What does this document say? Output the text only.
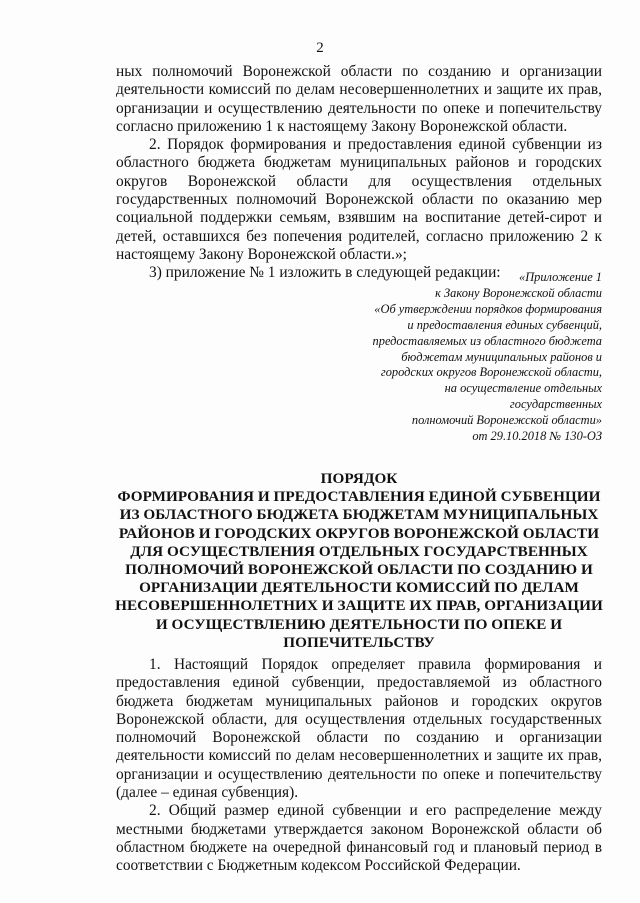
2

ных полномочий Воронежской области по созданию и организации деятельности комиссий по делам несовершеннолетних и защите их прав, организации и осуществлению деятельности по опеке и попечительству согласно приложению 1 к настоящему Закону Воронежской области.

2. Порядок формирования и предоставления единой субвенции из областного бюджета бюджетам муниципальных районов и городских округов Воронежской области для осуществления отдельных государственных полномочий Воронежской области по оказанию мер социальной поддержки семьям, взявшим на воспитание детей-сирот и детей, оставшихся без попечения родителей, согласно приложению 2 к настоящему Закону Воронежской области.»;

3) приложение № 1 изложить в следующей редакции:	«Приложение 1
к Закону Воронежской области
«Об утверждении порядков формирования
и предоставления единых субвенций,
предоставляемых из областного бюджета
бюджетам муниципальных районов и
городских округов Воронежской области,
на осуществление отдельных
государственных
полномочий Воронежской области»
от 29.10.2018 № 130-ОЗ
ПОРЯДОК
ФОРМИРОВАНИЯ И ПРЕДОСТАВЛЕНИЯ ЕДИНОЙ СУБВЕНЦИИ
ИЗ ОБЛАСТНОГО БЮДЖЕТА БЮДЖЕТАМ МУНИЦИПАЛЬНЫХ
РАЙОНОВ И ГОРОДСКИХ ОКРУГОВ ВОРОНЕЖСКОЙ ОБЛАСТИ
ДЛЯ ОСУЩЕСТВЛЕНИЯ ОТДЕЛЬНЫХ ГОСУДАРСТВЕННЫХ
ПОЛНОМОЧИЙ ВОРОНЕЖСКОЙ ОБЛАСТИ ПО СОЗДАНИЮ И
ОРГАНИЗАЦИИ ДЕЯТЕЛЬНОСТИ КОМИССИЙ ПО ДЕЛАМ
НЕСОВЕРШЕННОЛЕТНИХ И ЗАЩИТЕ ИХ ПРАВ, ОРГАНИЗАЦИИ
И ОСУЩЕСТВЛЕНИЮ ДЕЯТЕЛЬНОСТИ ПО ОПЕКЕ И
ПОПЕЧИТЕЛЬСТВУ

1. Настоящий Порядок определяет правила формирования и предоставления единой субвенции, предоставляемой из областного бюджета бюджетам муниципальных районов и городских округов Воронежской области, для осуществления отдельных государственных полномочий Воронежской области по созданию и организации деятельности комиссий по делам несовершеннолетних и защите их прав, организации и осуществлению деятельности по опеке и попечительству (далее – единая субвенция).

2. Общий размер единой субвенции и его распределение между местными бюджетами утверждается законом Воронежской области об областном бюджете на очередной финансовый год и плановый период в соответствии с Бюджетным кодексом Российской Федерации.
